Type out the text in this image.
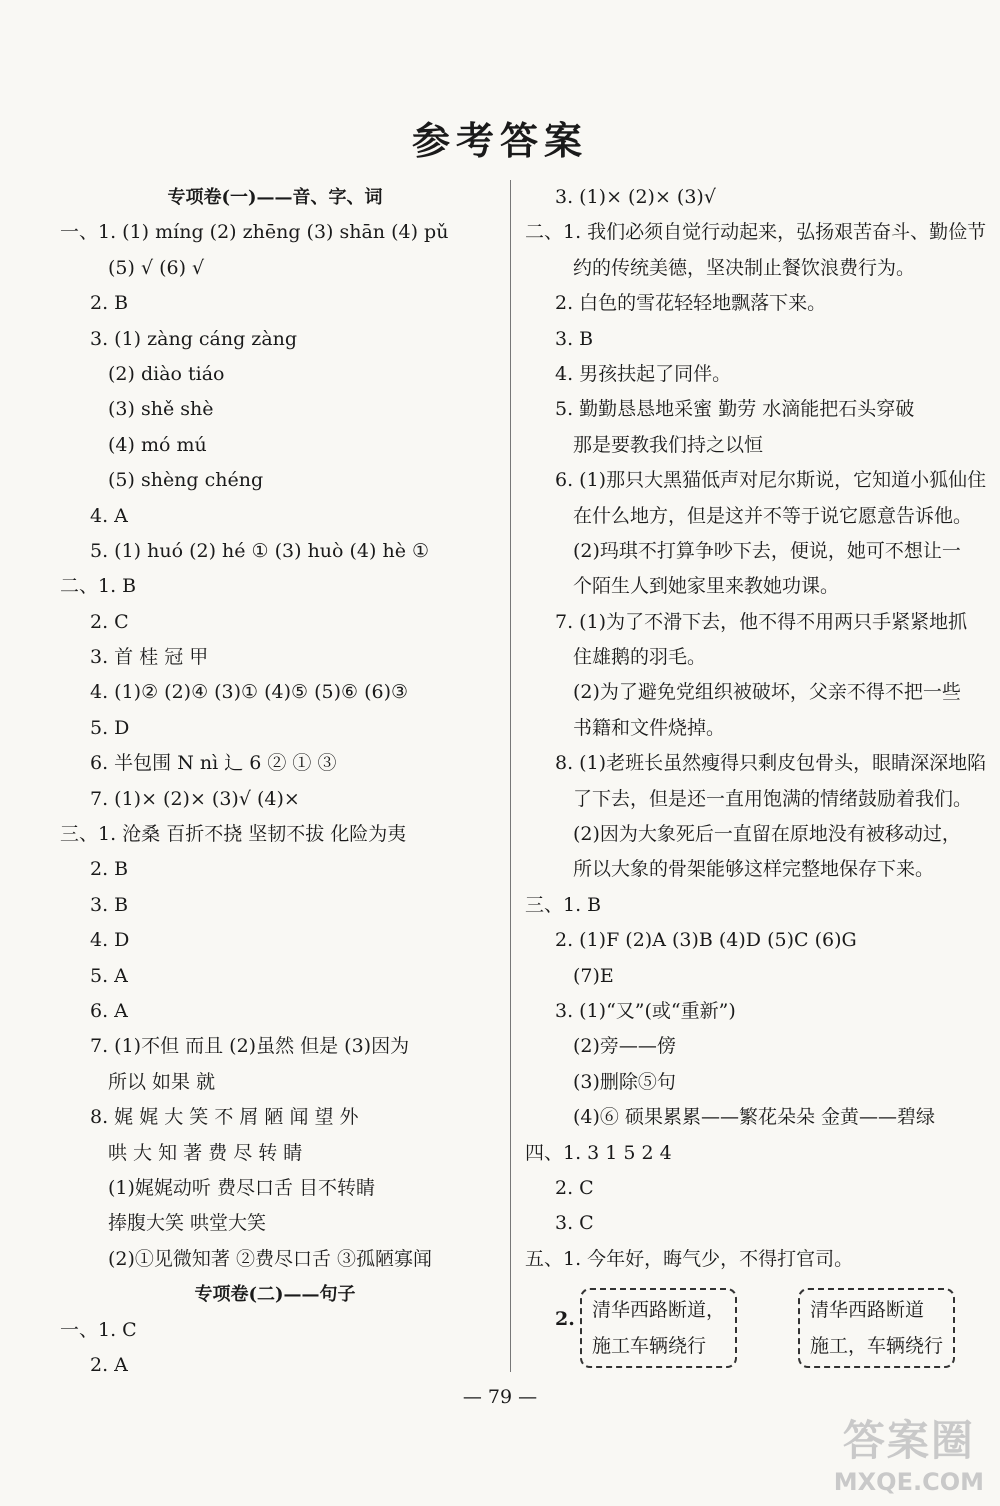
参考答案
专项卷(一)——音、字、词
一、1. (1) míng (2) zhēng (3) shān (4) pǔ
(5) √ (6) √
2. B
3. (1) zàng cáng zàng
(2) diào tiáo
(3) shě shè
(4) mó mú
(5) shèng chéng
4. A
5. (1) huó (2) hé ① (3) huò (4) hè ①
二、1. B
2. C
3. 首 桂 冠 甲
4. (1)② (2)④ (3)① (4)⑤ (5)⑥ (6)③
5. D
6. 半包围 N nì 辶 6 ② ① ③
7. (1)× (2)× (3)√ (4)×
三、1. 沧桑 百折不挠 坚韧不拔 化险为夷
2. B
3. B
4. D
5. A
6. A
7. (1)不但 而且 (2)虽然 但是 (3)因为
所以 如果 就
8. 娓 娓 大 笑 不 屑 陋 闻 望 外
哄 大 知 著 费 尽 转 睛
(1)娓娓动听 费尽口舌 目不转睛
捧腹大笑 哄堂大笑
(2)①见微知著 ②费尽口舌 ③孤陋寡闻
专项卷(二)——句子
一、1. C
2. A
3. (1)× (2)× (3)√
二、1. 我们必须自觉行动起来，弘扬艰苦奋斗、勤俭节
约的传统美德，坚决制止餐饮浪费行为。
2. 白色的雪花轻轻地飘落下来。
3. B
4. 男孩扶起了同伴。
5. 勤勤恳恳地采蜜 勤劳 水滴能把石头穿破
那是要教我们持之以恒
6. (1)那只大黑猫低声对尼尔斯说，它知道小狐仙住
在什么地方，但是这并不等于说它愿意告诉他。
(2)玛琪不打算争吵下去，便说，她可不想让一
个陌生人到她家里来教她功课。
7. (1)为了不滑下去，他不得不用两只手紧紧地抓
住雄鹅的羽毛。
(2)为了避免党组织被破坏，父亲不得不把一些
书籍和文件烧掉。
8. (1)老班长虽然瘦得只剩皮包骨头，眼睛深深地陷
了下去，但是还一直用饱满的情绪鼓励着我们。
(2)因为大象死后一直留在原地没有被移动过，
所以大象的骨架能够这样完整地保存下来。
三、1. B
2. (1)F (2)A (3)B (4)D (5)C (6)G
(7)E
3. (1)“又”(或“重新”)
(2)旁——傍
(3)删除⑤句
(4)⑥ 硕果累累——繁花朵朵 金黄——碧绿
四、1. 3 1 5 2 4
2. C
3. C
五、1. 今年好，晦气少，不得打官司。
2. 清华西路断道，
施工车辆绕行
清华西路断道
施工，车辆绕行
— 79 —
答案圈
MXQE.COM
